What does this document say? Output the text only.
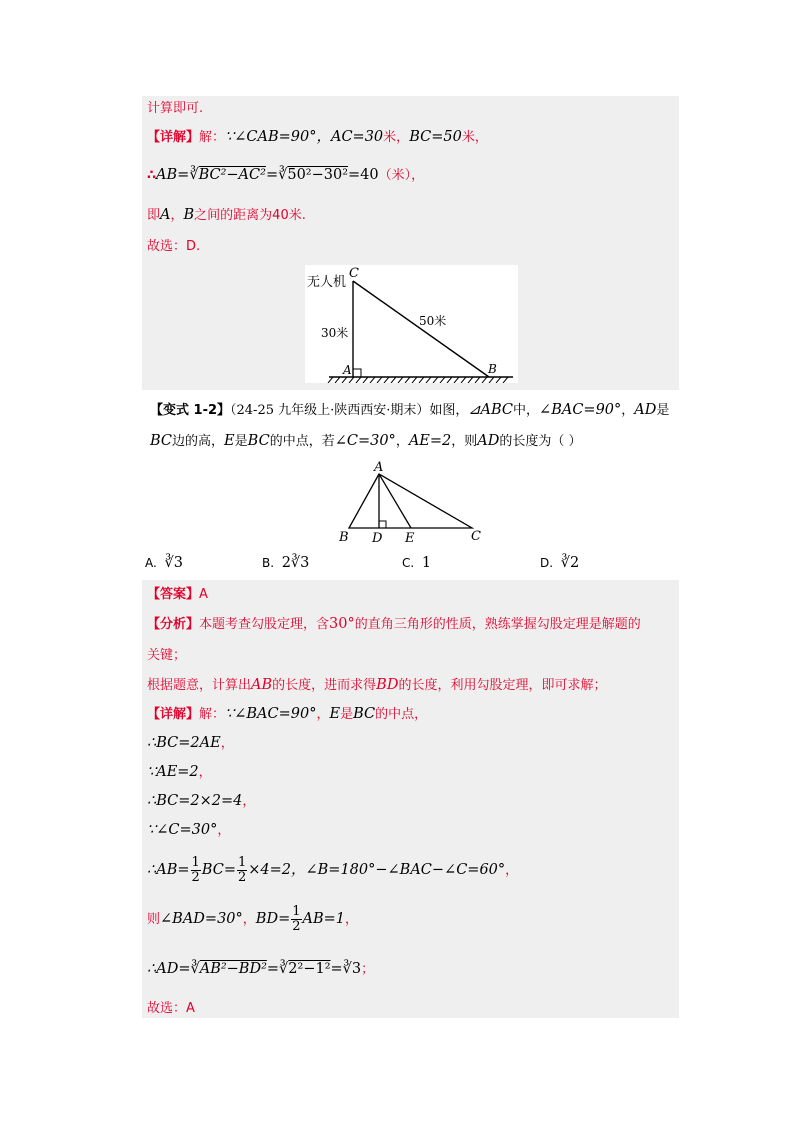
计算即可.
【详解】解：∵∠CAB=90°，AC=30米，BC=50米，
∴AB=∛BC²−AC²=∛50²−30²=40（米），
即A，B之间的距离为40米.
故选：D.
无人机
C
A	B
30米
50米
【变式 1-2】（24-25 九年级上·陕西西安·期末）如图，⊿ABC中，∠BAC=90°，AD是
BC边的高，E是BC的中点，若∠C=30°，AE=2，则AD的长度为（ ）
A
B D E	C
A. ∛3	B. 2∛3	C. 1	D. ∛2
【答案】A
【分析】本题考查勾股定理，含30°的直角三角形的性质，熟练掌握勾股定理是解题的
关键；
根据题意，计算出AB的长度，进而求得BD的长度，利用勾股定理，即可求解；
【详解】解：∵∠BAC=90°，E是BC的中点，
∴BC=2AE，
∵AE=2，
∴BC=2×2=4，
∵∠C=30°，
∴AB= $\frac{1}{2} BC= \frac{1}{2} \times 4=2$，∠B=180°−∠BAC−∠C=60°，
则∠BAD=30°，$BD= \frac{1}{2} AB=1$，
∴AD=∛AB²−BD²=∛2²−1²=∛3；
故选：A
